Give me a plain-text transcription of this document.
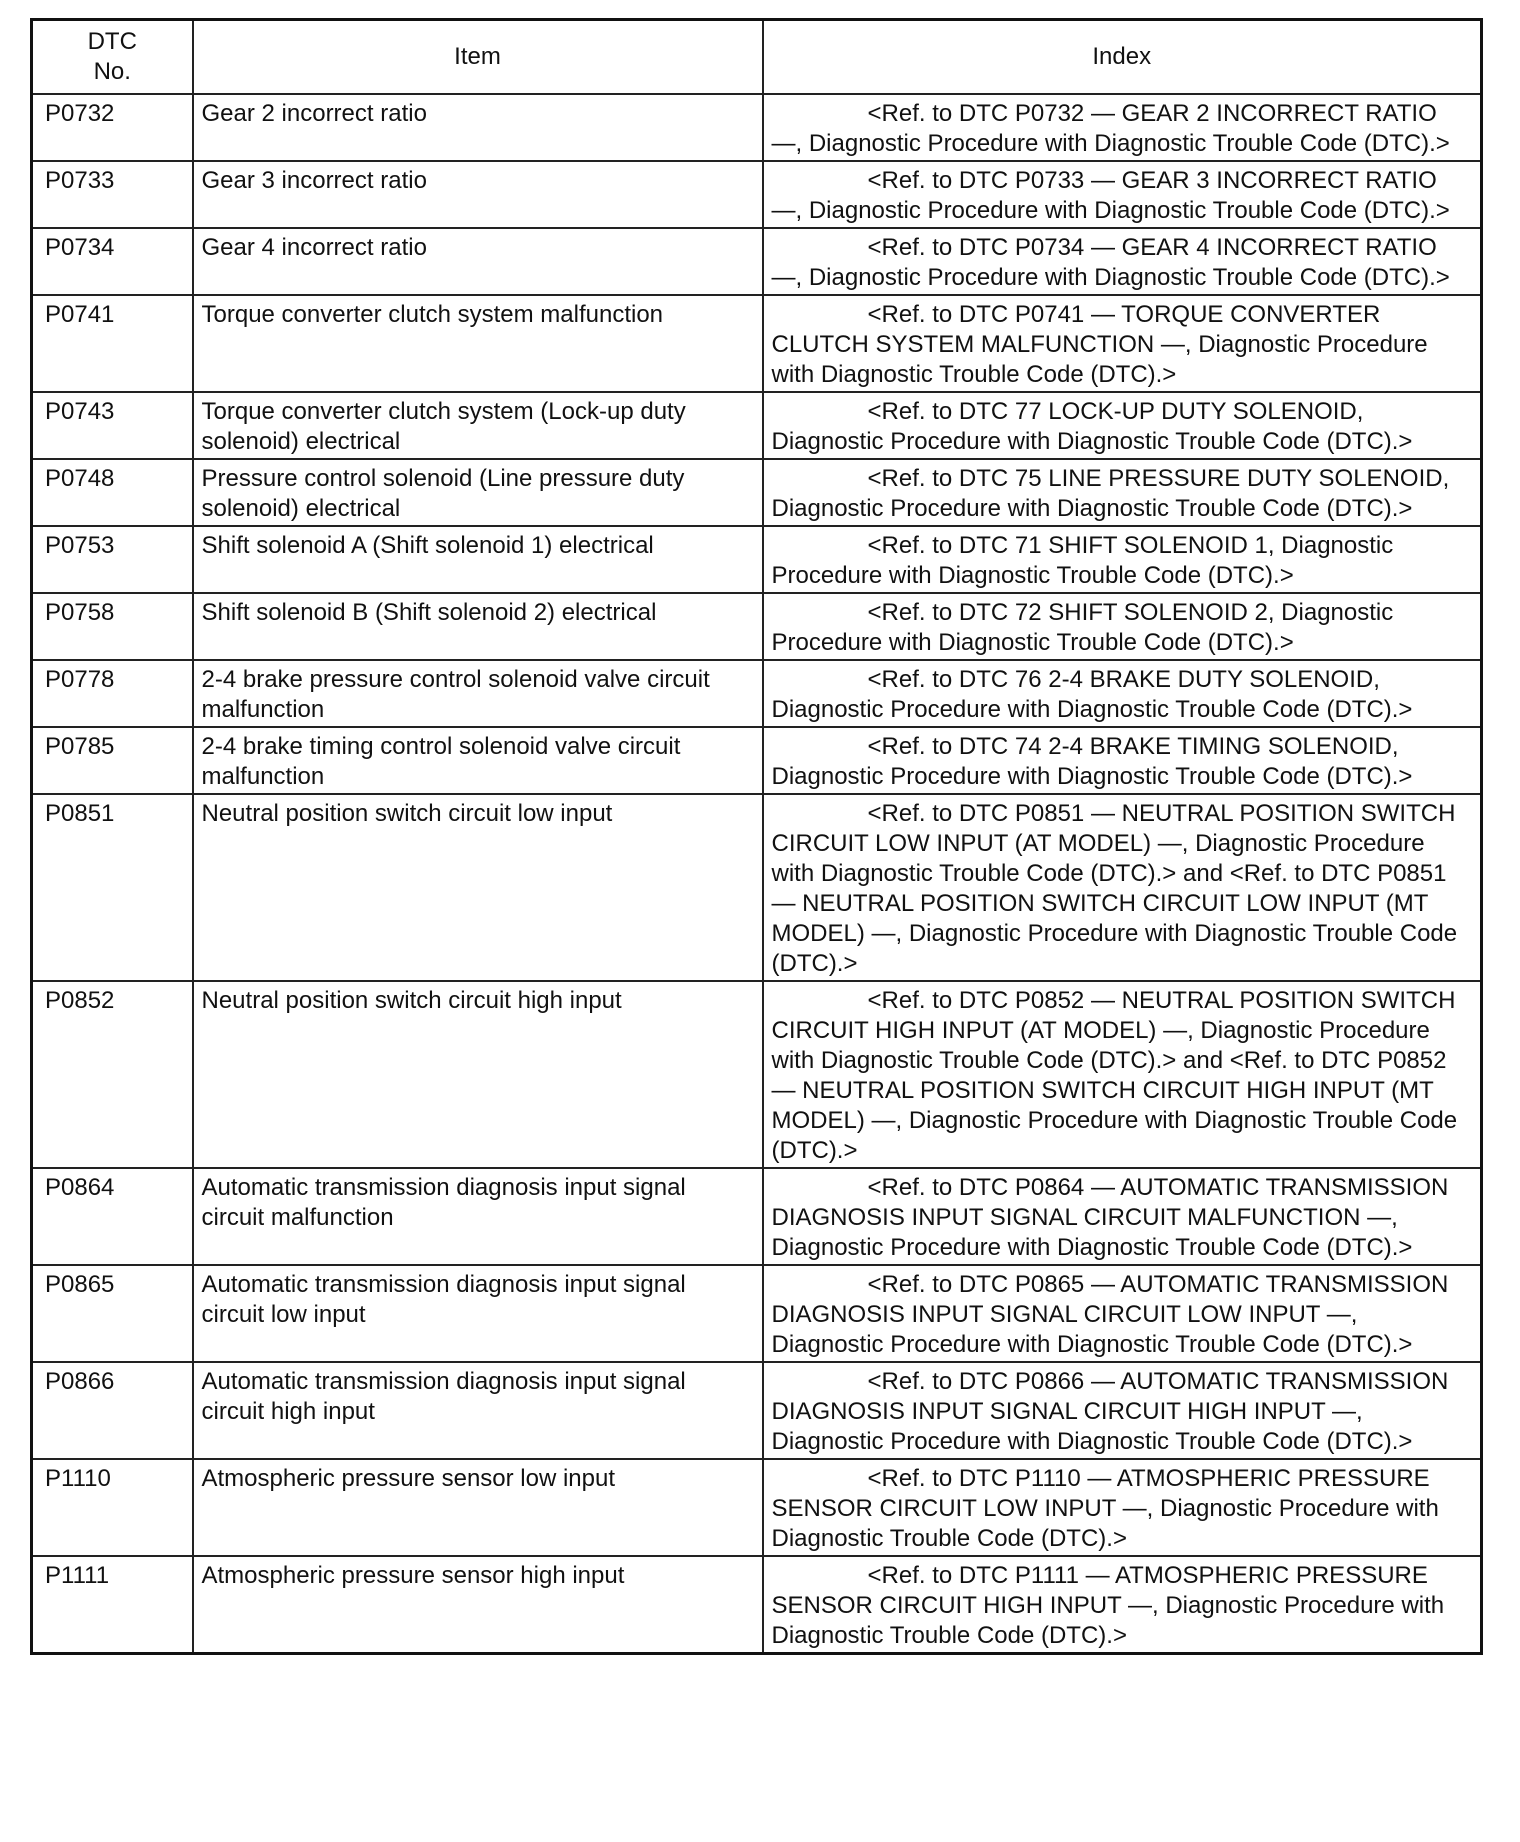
DTC
No.	Item	Index
P0732	Gear 2 incorrect ratio	<Ref. to DTC P0732 — GEAR 2 INCORRECT RATIO —, Diagnostic Procedure with Diagnostic Trouble Code (DTC).>
P0733	Gear 3 incorrect ratio	<Ref. to DTC P0733 — GEAR 3 INCORRECT RATIO —, Diagnostic Procedure with Diagnostic Trouble Code (DTC).>
P0734	Gear 4 incorrect ratio	<Ref. to DTC P0734 — GEAR 4 INCORRECT RATIO —, Diagnostic Procedure with Diagnostic Trouble Code (DTC).>
P0741	Torque converter clutch system malfunction	<Ref. to DTC P0741 — TORQUE CONVERTER CLUTCH SYSTEM MALFUNCTION —, Diagnostic Procedure with Diagnostic Trouble Code (DTC).>
P0743	Torque converter clutch system (Lock-up duty solenoid) electrical	<Ref. to DTC 77 LOCK-UP DUTY SOLENOID, Diagnostic Procedure with Diagnostic Trouble Code (DTC).>
P0748	Pressure control solenoid (Line pressure duty solenoid) electrical	<Ref. to DTC 75 LINE PRESSURE DUTY SOLENOID, Diagnostic Procedure with Diagnostic Trouble Code (DTC).>
P0753	Shift solenoid A (Shift solenoid 1) electrical	<Ref. to DTC 71 SHIFT SOLENOID 1, Diagnostic Procedure with Diagnostic Trouble Code (DTC).>
P0758	Shift solenoid B (Shift solenoid 2) electrical	<Ref. to DTC 72 SHIFT SOLENOID 2, Diagnostic Procedure with Diagnostic Trouble Code (DTC).>
P0778	2-4 brake pressure control solenoid valve circuit malfunction	<Ref. to DTC 76 2-4 BRAKE DUTY SOLENOID, Diagnostic Procedure with Diagnostic Trouble Code (DTC).>
P0785	2-4 brake timing control solenoid valve circuit malfunction	<Ref. to DTC 74 2-4 BRAKE TIMING SOLENOID, Diagnostic Procedure with Diagnostic Trouble Code (DTC).>
P0851	Neutral position switch circuit low input	<Ref. to DTC P0851 — NEUTRAL POSITION SWITCH CIRCUIT LOW INPUT (AT MODEL) —, Diagnostic Procedure with Diagnostic Trouble Code (DTC).> and <Ref. to DTC P0851 — NEUTRAL POSITION SWITCH CIRCUIT LOW INPUT (MT MODEL) —, Diagnostic Procedure with Diagnostic Trouble Code (DTC).>
P0852	Neutral position switch circuit high input	<Ref. to DTC P0852 — NEUTRAL POSITION SWITCH CIRCUIT HIGH INPUT (AT MODEL) —, Diagnostic Procedure with Diagnostic Trouble Code (DTC).> and <Ref. to DTC P0852 — NEUTRAL POSITION SWITCH CIRCUIT HIGH INPUT (MT MODEL) —, Diagnostic Procedure with Diagnostic Trouble Code (DTC).>
P0864	Automatic transmission diagnosis input signal circuit malfunction	<Ref. to DTC P0864 — AUTOMATIC TRANSMISSION DIAGNOSIS INPUT SIGNAL CIRCUIT MALFUNCTION —, Diagnostic Procedure with Diagnostic Trouble Code (DTC).>
P0865	Automatic transmission diagnosis input signal circuit low input	<Ref. to DTC P0865 — AUTOMATIC TRANSMISSION DIAGNOSIS INPUT SIGNAL CIRCUIT LOW INPUT —, Diagnostic Procedure with Diagnostic Trouble Code (DTC).>
P0866	Automatic transmission diagnosis input signal circuit high input	<Ref. to DTC P0866 — AUTOMATIC TRANSMISSION DIAGNOSIS INPUT SIGNAL CIRCUIT HIGH INPUT —, Diagnostic Procedure with Diagnostic Trouble Code (DTC).>
P1110	Atmospheric pressure sensor low input	<Ref. to DTC P1110 — ATMOSPHERIC PRESSURE SENSOR CIRCUIT LOW INPUT —, Diagnostic Procedure with Diagnostic Trouble Code (DTC).>
P1111	Atmospheric pressure sensor high input	<Ref. to DTC P1111 — ATMOSPHERIC PRESSURE SENSOR CIRCUIT HIGH INPUT —, Diagnostic Procedure with Diagnostic Trouble Code (DTC).>
